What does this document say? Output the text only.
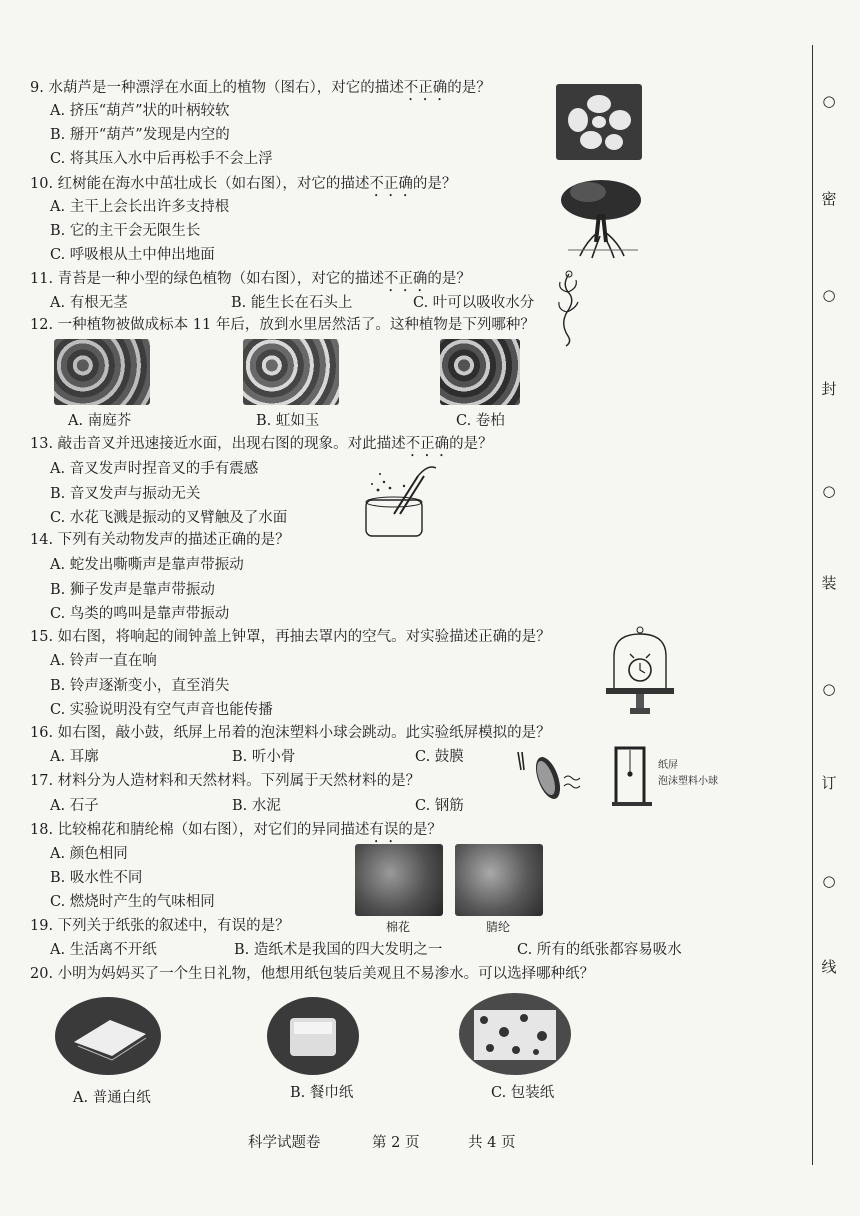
9. 水葫芦是一种漂浮在水面上的植物（图右），对它的描述不正确的是？
A. 挤压“葫芦”状的叶柄较软
B. 掰开“葫芦”发现是内空的
C. 将其压入水中后再松手不会上浮
10. 红树能在海水中茁壮成长（如右图），对它的描述不正确的是？
A. 主干上会长出许多支持根
B. 它的主干会无限生长
C. 呼吸根从土中伸出地面
11. 青苔是一种小型的绿色植物（如右图），对它的描述不正确的是？
A. 有根无茎	B. 能生长在石头上	C. 叶可以吸收水分
12. 一种植物被做成标本 11 年后，放到水里居然活了。这种植物是下列哪种？
A. 南庭芥	B. 虹如玉	C. 卷柏
13. 敲击音叉并迅速接近水面，出现右图的现象。对此描述不正确的是？
A. 音叉发声时捏音叉的手有震感
B. 音叉发声与振动无关
C. 水花飞溅是振动的叉臂触及了水面
14. 下列有关动物发声的描述正确的是？
A. 蛇发出嘶嘶声是靠声带振动
B. 狮子发声是靠声带振动
C. 鸟类的鸣叫是靠声带振动
15. 如右图，将响起的闹钟盖上钟罩，再抽去罩内的空气。对实验描述正确的是？
A. 铃声一直在响
B. 铃声逐渐变小，直至消失
C. 实验说明没有空气声音也能传播
16. 如右图，敲小鼓，纸屏上吊着的泡沫塑料小球会跳动。此实验纸屏模拟的是？
A. 耳廓	B. 听小骨	C. 鼓膜
纸屏
泡沫塑料小球
17. 材料分为人造材料和天然材料。下列属于天然材料的是？
A. 石子	B. 水泥	C. 钢筋
18. 比较棉花和腈纶棉（如右图），对它们的异同描述有误的是？
A. 颜色相同
B. 吸水性不同
C. 燃烧时产生的气味相同
棉花	腈纶
19. 下列关于纸张的叙述中，有误的是？
A. 生活离不开纸	B. 造纸术是我国的四大发明之一	C. 所有的纸张都容易吸水
20. 小明为妈妈买了一个生日礼物，他想用纸包装后美观且不易渗水。可以选择哪种纸？
A. 普通白纸	B. 餐巾纸	C. 包装纸
科学试题卷	第 2 页	共 4 页
○
密
○
封
○
装
○
订
○
线
